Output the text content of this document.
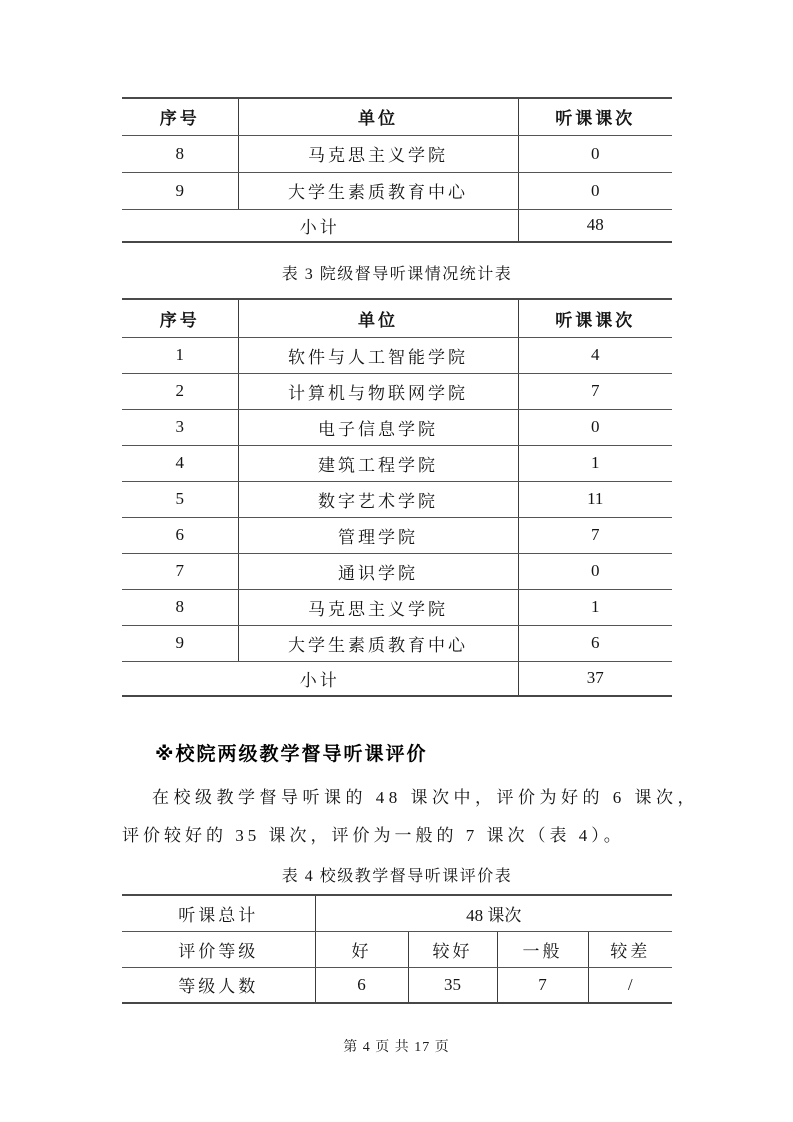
序号	单位	听课课次
8	马克思主义学院	0
9	大学生素质教育中心	0
小计		48
表 3 院级督导听课情况统计表
序号	单位	听课课次
1	软件与人工智能学院	4
2	计算机与物联网学院	7
3	电子信息学院	0
4	建筑工程学院	1
5	数字艺术学院	11
6	管理学院	7
7	通识学院	0
8	马克思主义学院	1
9	大学生素质教育中心	6
小计		37
※校院两级教学督导听课评价
在校级教学督导听课的 48 课次中，评价为好的 6 课次，
评价较好的 35 课次，评价为一般的 7 课次（表 4）。
表 4 校级教学督导听课评价表
听课总计	48 课次			
评价等级	好	较好	一般	较差
等级人数	6	35	7	/
第 4 页 共 17 页
